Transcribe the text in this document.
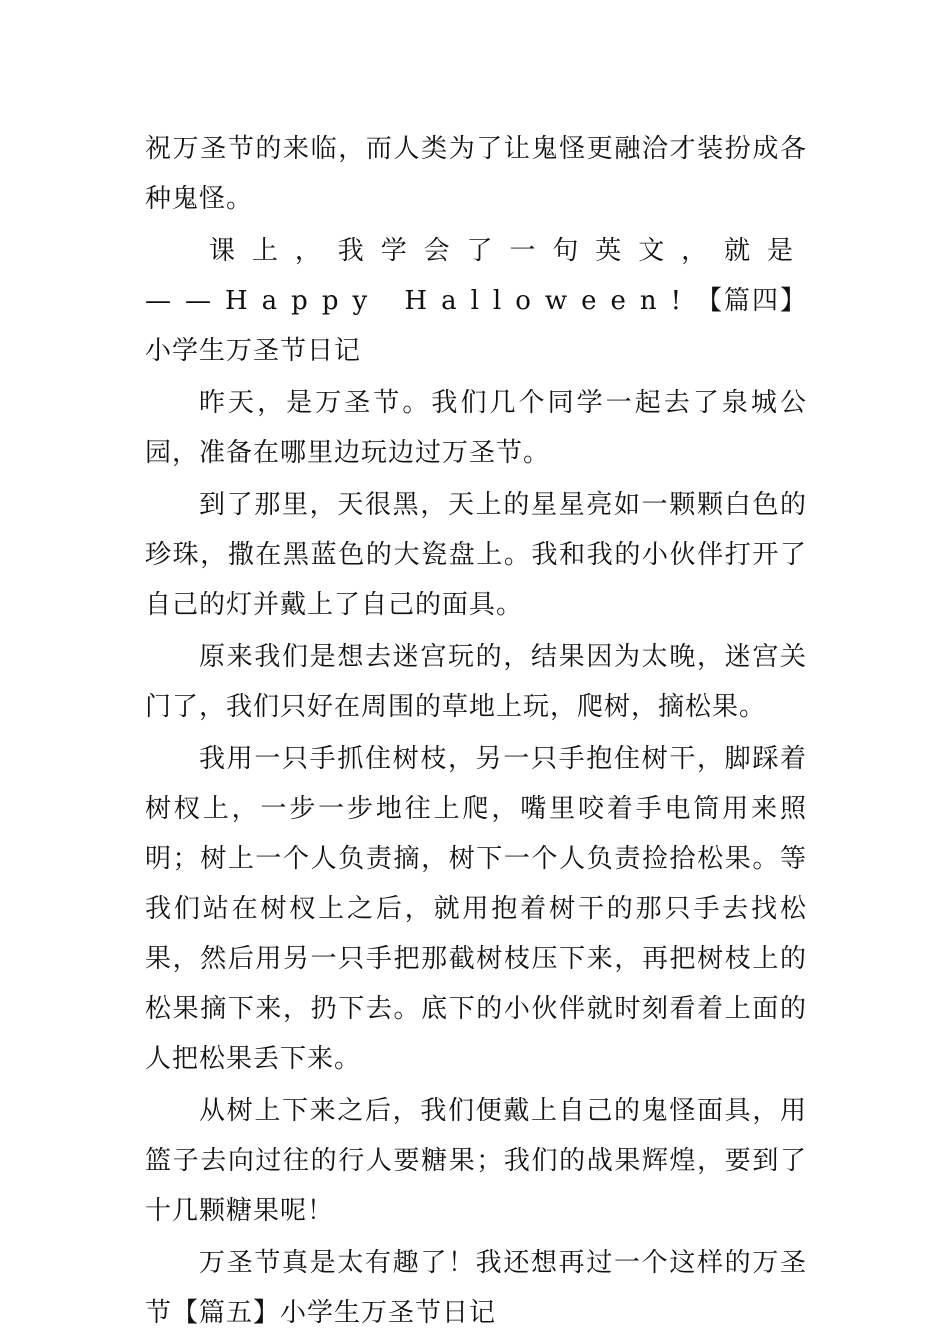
祝万圣节的来临，而人类为了让鬼怪更融洽才装扮成各种鬼怪。

课上，我学会了一句英文，就是——Happy Halloween!【篇四】小学生万圣节日记

昨天，是万圣节。我们几个同学一起去了泉城公园，准备在哪里边玩边过万圣节。

到了那里，天很黑，天上的星星亮如一颗颗白色的珍珠，撒在黑蓝色的大瓷盘上。我和我的小伙伴打开了自己的灯并戴上了自己的面具。

原来我们是想去迷宫玩的，结果因为太晚，迷宫关门了，我们只好在周围的草地上玩，爬树，摘松果。

我用一只手抓住树枝，另一只手抱住树干，脚踩着树杈上，一步一步地往上爬，嘴里咬着手电筒用来照明；树上一个人负责摘，树下一个人负责捡拾松果。等我们站在树杈上之后，就用抱着树干的那只手去找松果，然后用另一只手把那截树枝压下来，再把树枝上的松果摘下来，扔下去。底下的小伙伴就时刻看着上面的人把松果丢下来。

从树上下来之后，我们便戴上自己的鬼怪面具，用篮子去向过往的行人要糖果；我们的战果辉煌，要到了十几颗糖果呢！

万圣节真是太有趣了！我还想再过一个这样的万圣节【篇五】小学生万圣节日记
